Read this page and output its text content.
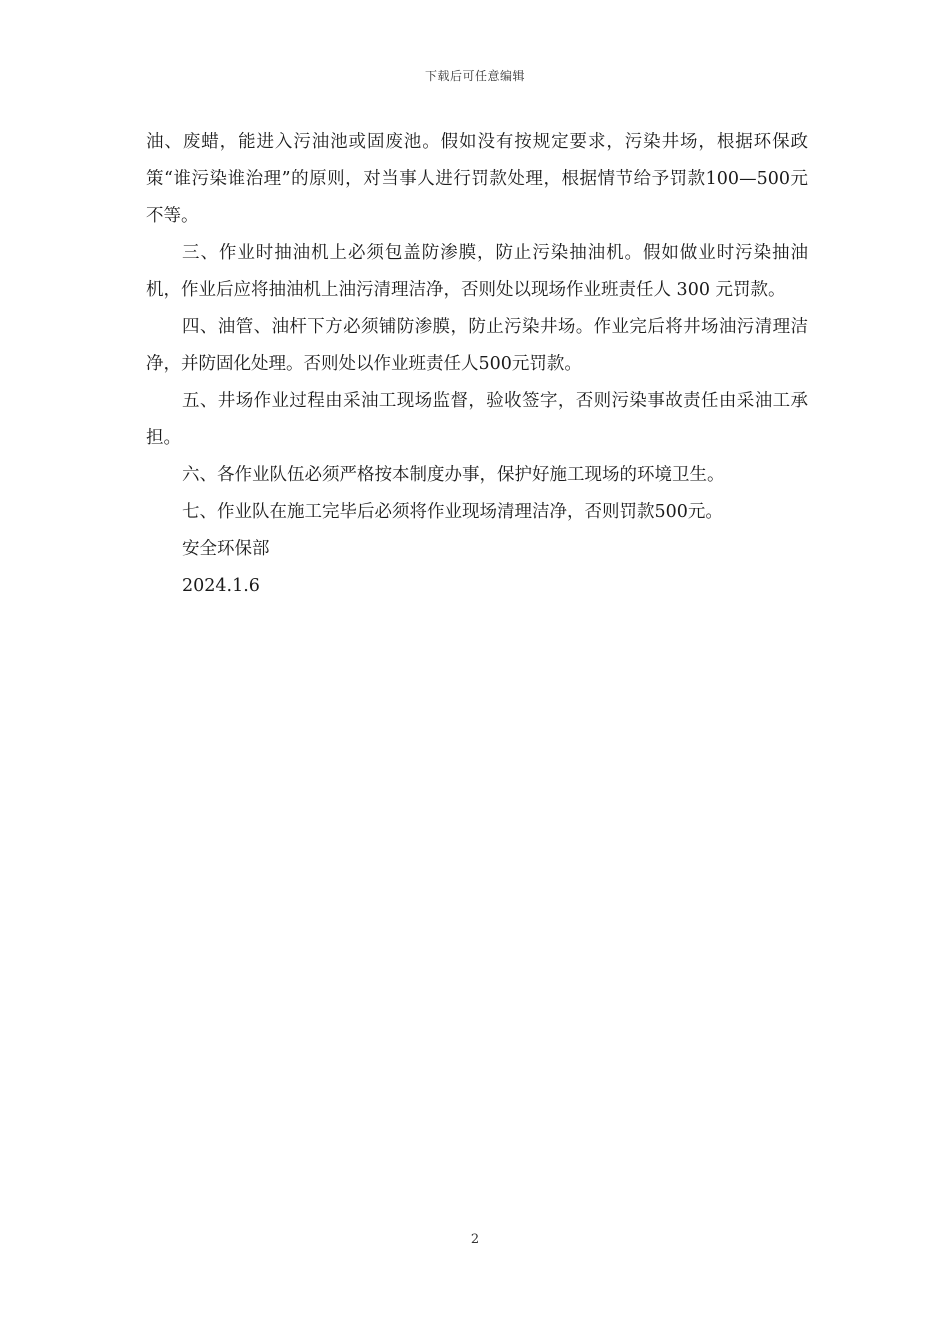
下载后可任意编辑

油、废蜡，能进入污油池或固废池。假如没有按规定要求，污染井场，根据环保政策“谁污染谁治理”的原则，对当事人进行罚款处理，根据情节给予罚款100—500元不等。

三、作业时抽油机上必须包盖防渗膜，防止污染抽油机。假如做业时污染抽油机，作业后应将抽油机上油污清理洁净，否则处以现场作业班责任人 300 元罚款。

四、油管、油杆下方必须铺防渗膜，防止污染井场。作业完后将井场油污清理洁净，并防固化处理。否则处以作业班责任人500元罚款。

五、井场作业过程由采油工现场监督，验收签字，否则污染事故责任由采油工承担。

六、各作业队伍必须严格按本制度办事，保护好施工现场的环境卫生。

七、作业队在施工完毕后必须将作业现场清理洁净，否则罚款500元。

安全环保部

2024.1.6

2
